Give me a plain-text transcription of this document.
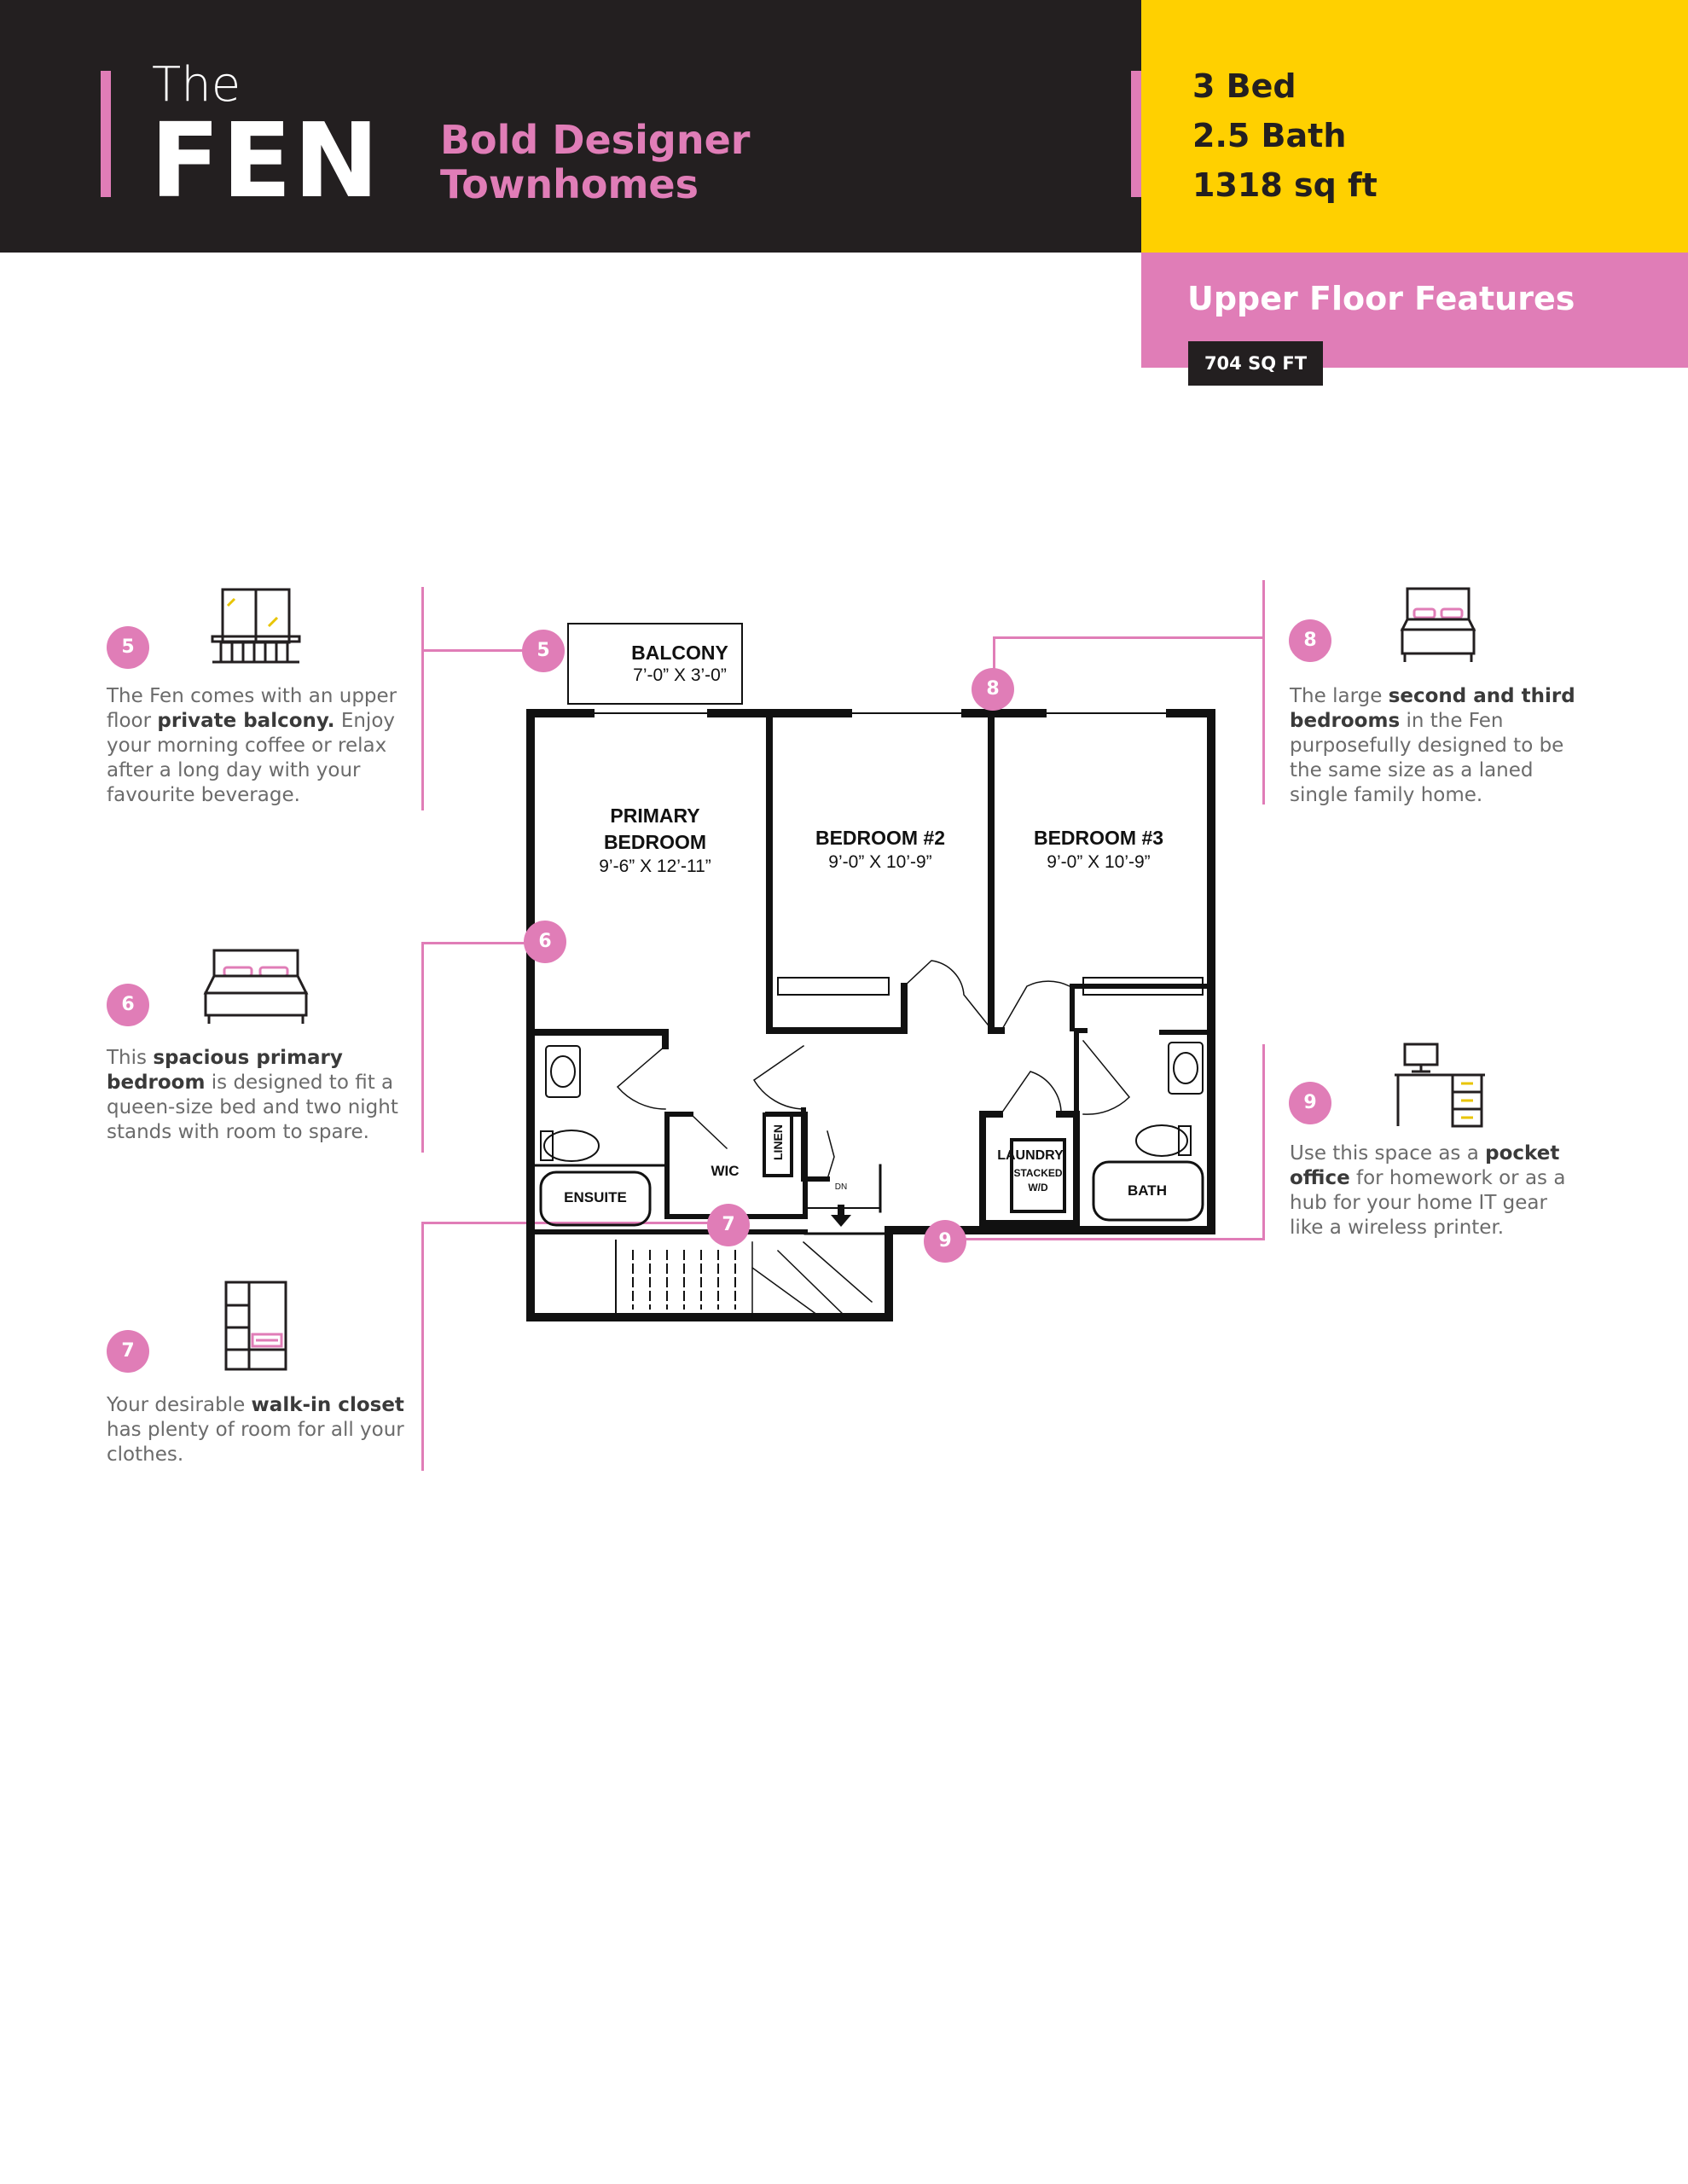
The
FEN Bold Designer
Townhomes
3 Bed
2.5 Bath
1318 sq ft
Upper Floor Features
704 SQ FT
5
The Fen comes with an upper floor private balcony. Enjoy your morning coffee or relax after a long day with your favourite beverage.
6
This spacious primary bedroom is designed to fit a queen-size bed and two night stands with room to spare.
7
Your desirable walk-in closet has plenty of room for all your clothes.
8
The large second and third bedrooms in the Fen purposefully designed to be the same size as a laned single family home.
9
Use this space as a pocket office for homework or as a hub for your home IT gear like a wireless printer.
BALCONY
7’-0” X 3’-0”
PRIMARY
BEDROOM
9’-6” X 12’-11”
BEDROOM #2
9’-0” X 10’-9”
BEDROOM #3
9’-0” X 10’-9”
ENSUITE
WIC
LINEN
DN
LAUNDRY
STACKED
W/D	BATH
5
6
7
8
9
